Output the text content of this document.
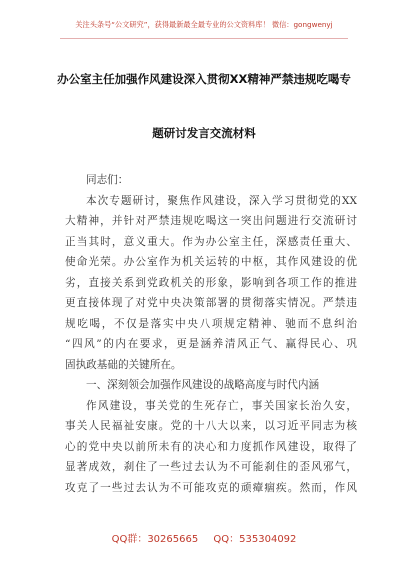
关注头条号“公文研究”，获得最新最全最专业的公文资料库！ 微信：gongwenyj
办公室主任加强作风建设深入贯彻XX精神严禁违规吃喝专
题研讨发言交流材料
同志们：
本次专题研讨，聚焦作风建设，深入学习贯彻党的XX
大精神，并针对严禁违规吃喝这一突出问题进行交流研讨
正当其时，意义重大。作为办公室主任，深感责任重大、
使命光荣。办公室作为机关运转的中枢，其作风建设的优
劣，直接关系到党政机关的形象，影响到各项工作的推进
更直接体现了对党中央决策部署的贯彻落实情况。严禁违
规吃喝，不仅是落实中央八项规定精神、驰而不息纠治
“四风”的内在要求，更是涵养清风正气、赢得民心、巩
固执政基础的关键所在。
一、深刻领会加强作风建设的战略高度与时代内涵
作风建设，事关党的生死存亡，事关国家长治久安，
事关人民福祉安康。党的十八大以来，以习近平同志为核
心的党中央以前所未有的决心和力度抓作风建设，取得了
显著成效，刹住了一些过去认为不可能刹住的歪风邪气，
攻克了一些过去认为不可能攻克的顽瘴痼疾。然而，作风
QQ群：30265665 QQ：535304092
